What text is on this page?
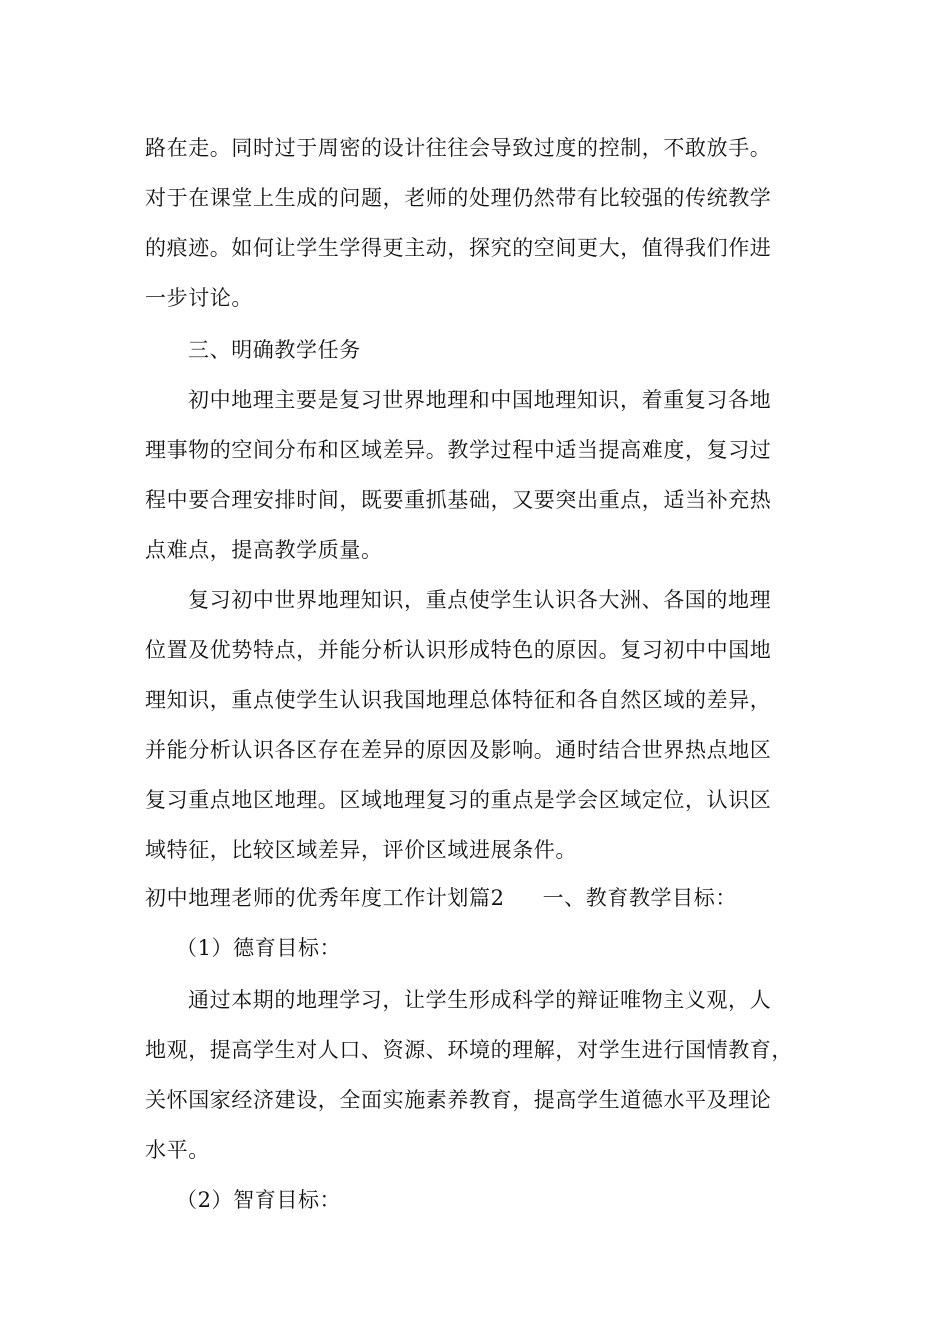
路在走。同时过于周密的设计往往会导致过度的控制，不敢放手。
对于在课堂上生成的问题，老师的处理仍然带有比较强的传统教学
的痕迹。如何让学生学得更主动，探究的空间更大，值得我们作进
一步讨论。
三、明确教学任务
初中地理主要是复习世界地理和中国地理知识，着重复习各地
理事物的空间分布和区域差异。教学过程中适当提高难度，复习过
程中要合理安排时间，既要重抓基础，又要突出重点，适当补充热
点难点，提高教学质量。
复习初中世界地理知识，重点使学生认识各大洲、各国的地理
位置及优势特点，并能分析认识形成特色的原因。复习初中中国地
理知识，重点使学生认识我国地理总体特征和各自然区域的差异，
并能分析认识各区存在差异的原因及影响。通时结合世界热点地区
复习重点地区地理。区域地理复习的重点是学会区域定位，认识区
域特征，比较区域差异，评价区域进展条件。
初中地理老师的优秀年度工作计划篇2 一、教育教学目标：
（1）德育目标：
通过本期的地理学习，让学生形成科学的辩证唯物主义观，人
地观，提高学生对人口、资源、环境的理解，对学生进行国情教育，
关怀国家经济建设，全面实施素养教育，提高学生道德水平及理论
水平。
（2）智育目标：
